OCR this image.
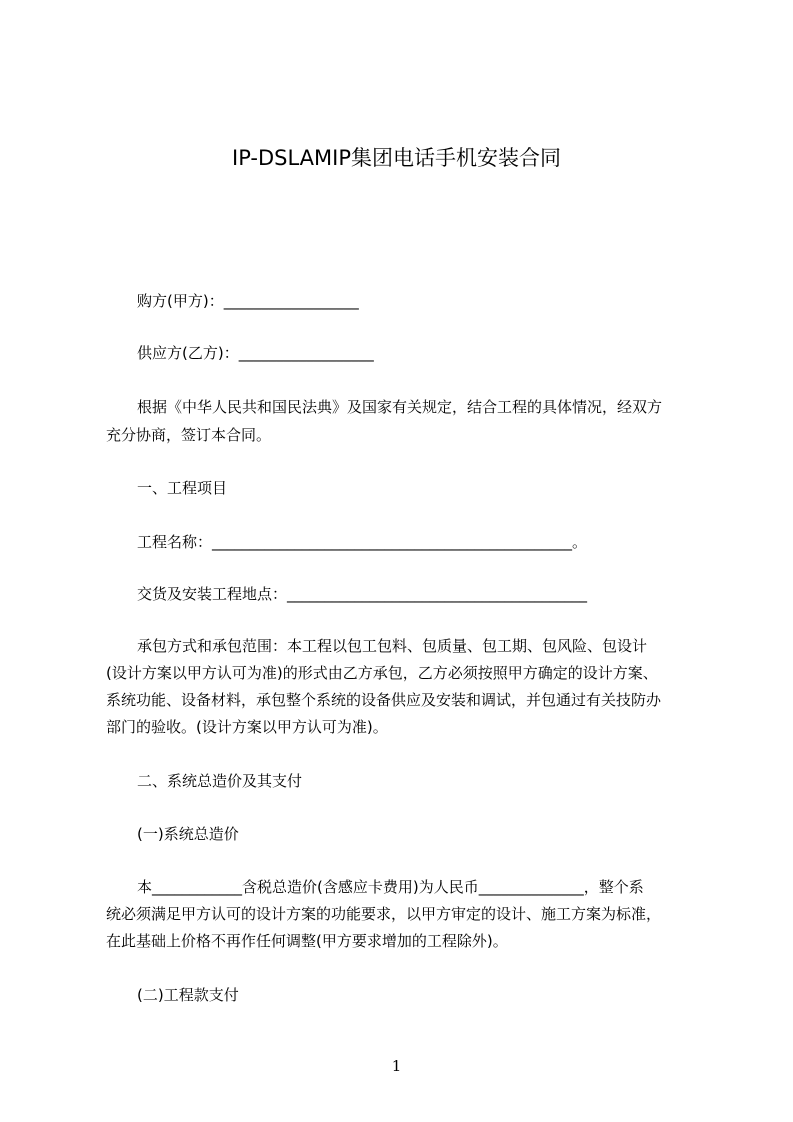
IP-DSLAMIP集团电话手机安装合同
购方(甲方)：__________________
供应方(乙方)：__________________
根据《中华人民共和国民法典》及国家有关规定，结合工程的具体情况，经双方
充分协商，签订本合同。
一、工程项目
工程名称：________________________________________________。
交货及安装工程地点：________________________________________
承包方式和承包范围：本工程以包工包料、包质量、包工期、包风险、包设计
(设计方案以甲方认可为准)的形式由乙方承包，乙方必须按照甲方确定的设计方案、
系统功能、设备材料，承包整个系统的设备供应及安装和调试，并包通过有关技防办
部门的验收。(设计方案以甲方认可为准)。
二、系统总造价及其支付
(一)系统总造价
本____________含税总造价(含感应卡费用)为人民币______________，整个系
统必须满足甲方认可的设计方案的功能要求，以甲方审定的设计、施工方案为标准，
在此基础上价格不再作任何调整(甲方要求增加的工程除外)。
(二)工程款支付
1
